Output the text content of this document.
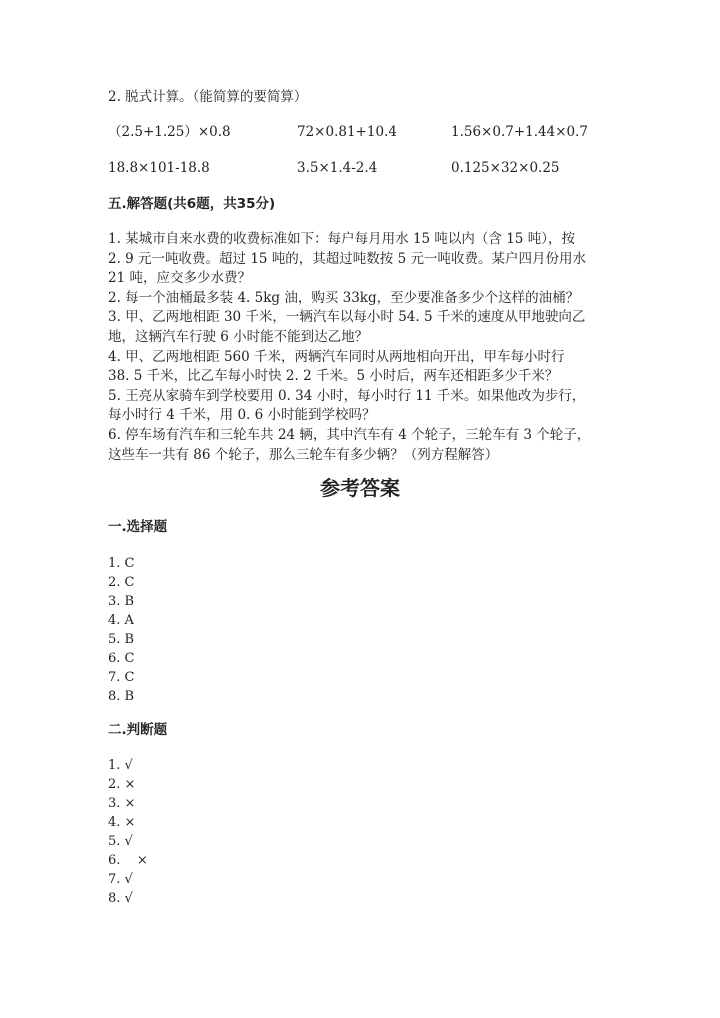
2. 脱式计算。（能简算的要简算）
（2.5+1.25）×0.8	72×0.81+10.4	1.56×0.7+1.44×0.7
18.8×101-18.8	3.5×1.4-2.4	0.125×32×0.25
五.解答题(共6题，共35分)
1. 某城市自来水费的收费标准如下：每户每月用水 15 吨以内（含 15 吨），按
2. 9 元一吨收费。超过 15 吨的，其超过吨数按 5 元一吨收费。某户四月份用水
21 吨，应交多少水费？
2. 每一个油桶最多装 4. 5kg 油，购买 33kg，至少要准备多少个这样的油桶？
3. 甲、乙两地相距 30 千米，一辆汽车以每小时 54. 5 千米的速度从甲地驶向乙
地，这辆汽车行驶 6 小时能不能到达乙地？
4. 甲、乙两地相距 560 千米，两辆汽车同时从两地相向开出，甲车每小时行
38. 5 千米，比乙车每小时快 2. 2 千米。5 小时后，两车还相距多少千米？
5. 王亮从家骑车到学校要用 0. 34 小时，每小时行 11 千米。如果他改为步行，
每小时行 4 千米，用 0. 6 小时能到学校吗？
6. 停车场有汽车和三轮车共 24 辆，其中汽车有 4 个轮子，三轮车有 3 个轮子，
这些车一共有 86 个轮子，那么三轮车有多少辆？（列方程解答）
参考答案
一.选择题
1. C
2. C
3. B
4. A
5. B
6. C
7. C
8. B
二.判断题
1. √
2. ×
3. ×
4. ×
5. √
6.    ×
7. √
8. √
